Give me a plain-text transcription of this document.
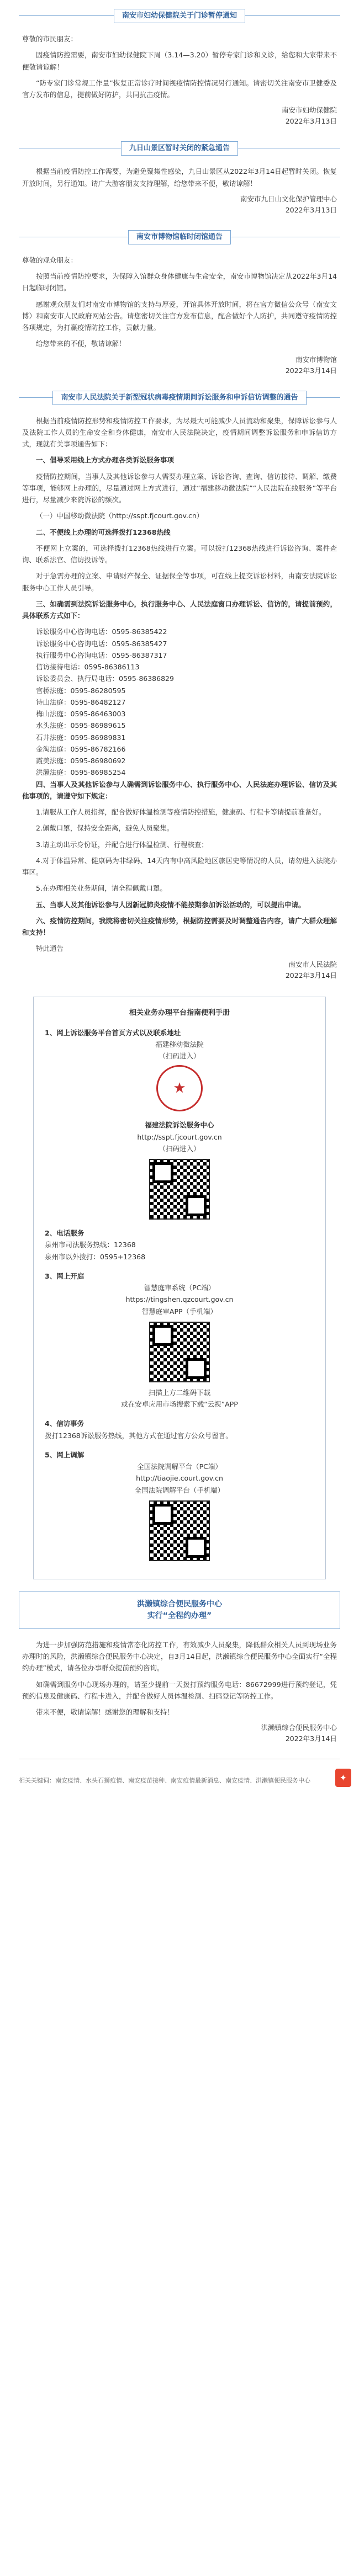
南安市妇幼保健院关于门诊暂停通知

尊敬的市民朋友：

因疫情防控需要，南安市妇幼保健院下周（3.14—3.20）暂停专家门诊和义诊，给您和大家带来不便敬请谅解！

“防专家门诊常规工作量”恢复正常诊疗时间视疫情防控情况另行通知。请密切关注南安市卫健委及官方发布的信息，提前做好防护，共同抗击疫情。

南安市妇幼保健院
2022年3月13日
九日山景区暂时关闭的紧急通告

根据当前疫情防控工作需要，为避免聚集性感染，九日山景区从2022年3月14日起暂时关闭。恢复开放时间，另行通知。请广大游客朋友支持理解，给您带来不便，敬请谅解！

南安市九日山文化保护管理中心
2022年3月13日
南安市博物馆临时闭馆通告

尊敬的观众朋友：

按照当前疫情防控要求，为保障入馆群众身体健康与生命安全，南安市博物馆决定从2022年3月14日起临时闭馆。

感谢观众朋友们对南安市博物馆的支持与厚爱，开馆具体开放时间，将在官方微信公众号（南安文博）和南安市人民政府网站公告。请您密切关注官方发布信息，配合做好个人防护，共同遵守疫情防控各项规定，为打赢疫情防控工作，贡献力量。

给您带来的不便，敬请谅解！

南安市博物馆
2022年3月14日
南安市人民法院关于新型冠状病毒疫情期间诉讼服务和申诉信访调整的通告

根据当前疫情防控形势和疫情防控工作要求，为尽最大可能减少人员流动和聚集，保障诉讼参与人及法院工作人员的生命安全和身体健康，南安市人民法院决定，疫情期间调整诉讼服务和申诉信访方式，现就有关事项通告如下：

一、倡导采用线上方式办理各类诉讼服务事项

疫情防控期间，当事人及其他诉讼参与人需要办理立案、诉讼咨询、查询、信访接待、调解、缴费等事项，能够网上办理的，尽量通过网上方式进行，通过“福建移动微法院”“人民法院在线服务”等平台进行，尽量减少来院诉讼的频次。

（一）中国移动微法院（http://sspt.fjcourt.gov.cn）

二、不便线上办理的可选择拨打12368热线

不便网上立案的，可选择拨打12368热线进行立案。可以拨打12368热线进行诉讼咨询、案件查询、联系法官、信访投诉等。

对于急需办理的立案、申请财产保全、证据保全等事项，可在线上提交诉讼材料，由南安法院诉讼服务中心工作人员引导。

三、如确需到法院诉讼服务中心，执行服务中心、人民法庭窗口办理诉讼、信访的，请提前预约，具体联系方式如下：

诉讼服务中心咨询电话：0595-86385422

诉讼服务中心咨询电话：0595-86385427

执行服务中心咨询电话：0595-86387317

信访接待电话：0595-86386113

诉讼委员会、执行局电话：0595-86386829

官桥法庭：0595-86280595

诗山法庭：0595-86482127

梅山法庭：0595-86463003

水头法庭：0595-86989615

石井法庭：0595-86989831

金淘法庭：0595-86782166

霞美法庭：0595-86980692

洪濑法庭：0595-86985254

四、当事人及其他诉讼参与人确需到诉讼服务中心、执行服务中心、人民法庭办理诉讼、信访及其他事项的，请遵守如下规定：

1.请服从工作人员指挥，配合做好体温检测等疫情防控措施，健康码、行程卡等请提前准备好。

2.佩戴口罩，保持安全距离，避免人员聚集。

3.请主动出示身份证，并配合进行体温检测、行程核查；

4.对于体温异常、健康码为非绿码、14天内有中高风险地区旅居史等情况的人员，请勿进入法院办事区。

5.在办理相关业务期间，请全程佩戴口罩。

五、当事人及其他诉讼参与人因新冠肺炎疫情不能按期参加诉讼活动的，可以提出申请。

六、疫情防控期间，我院将密切关注疫情形势，根据防控需要及时调整通告内容，请广大群众理解和支持！

特此通告

南安市人民法院
2022年3月14日
相关业务办理平台指南便利手册
1、网上诉讼服务平台首页方式以及联系地址
福建移动微法院
（扫码进入）
★
福建法院诉讼服务中心
http://sspt.fjcourt.gov.cn
（扫码进入）
2、电话服务
泉州市司法服务热线：12368
泉州市以外拨打：0595+12368
3、网上开庭
智慧庭审系统（PC端）
https://tingshen.qzcourt.gov.cn
智慧庭审APP（手机端）
扫描上方二维码下载
或在安卓应用市场搜索下载“云视”APP
4、信访事务
拨打12368诉讼服务热线，其他方式在通过官方公众号留言。
5、网上调解
全国法院调解平台（PC端）
http://tiaojie.court.gov.cn
全国法院调解平台（手机端）
洪濑镇综合便民服务中心
实行“全程约办理”

为进一步加强防范措施和疫情常态化防控工作，有效减少人员聚集，降低群众相关人员到现场业务办理时的风险，洪濑镇综合便民服务中心决定，自3月14日起，洪濑镇综合便民服务中心全面实行“全程约办理”模式，请各位办事群众提前预约咨询。

如确需到服务中心现场办理的，请至少提前一天拨打预约服务电话：86672999进行预约登记，凭预约信息及健康码、行程卡进入，并配合做好人员体温检测、扫码登记等防控工作。

带来不便，敬请谅解！感谢您的理解和支持！

洪濑镇综合便民服务中心
2022年3月14日
相关关键词：南安疫情、水头石狮疫情、南安疫苗接种、南安疫情最新消息、南安疫情、洪濑镇便民服务中心	✦
